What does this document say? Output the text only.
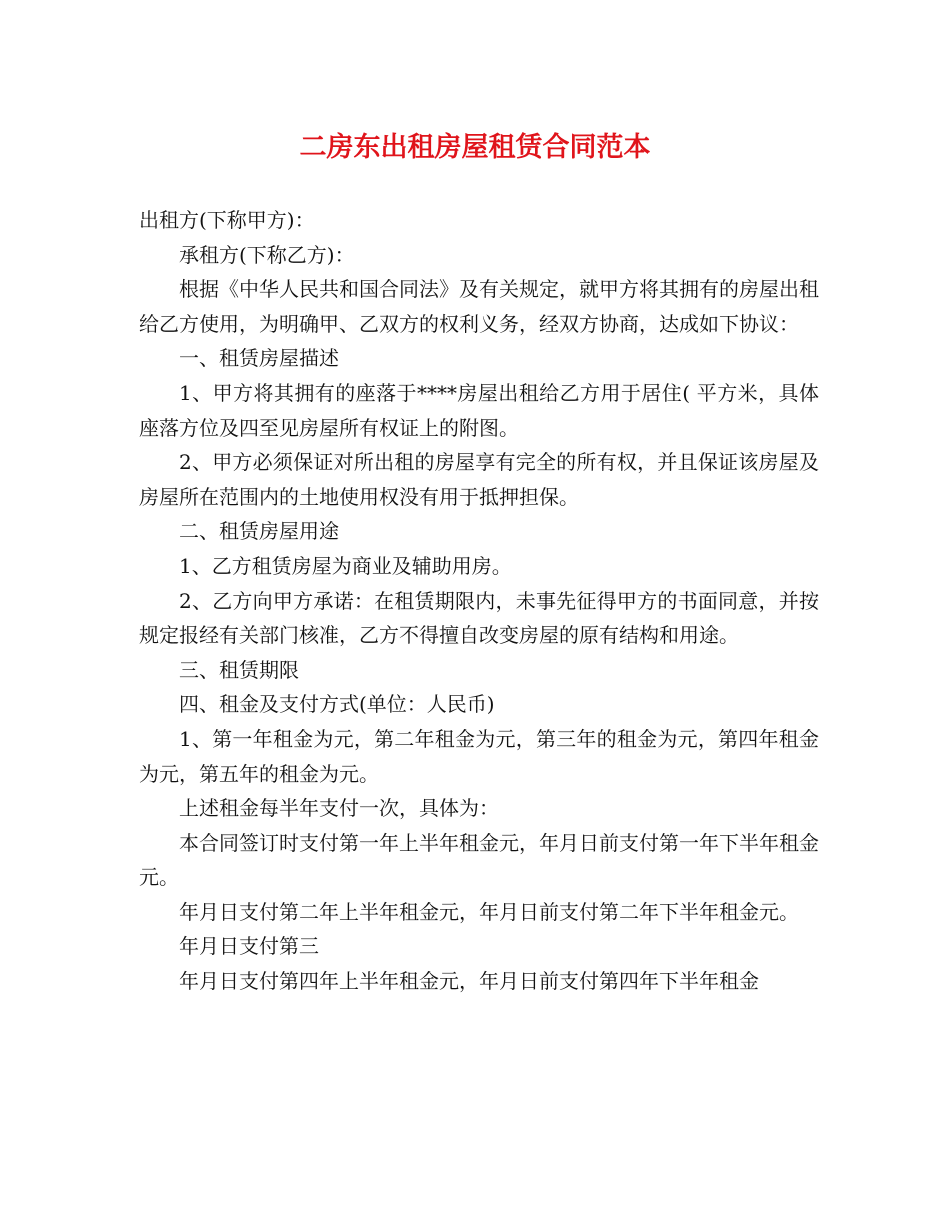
二房东出租房屋租赁合同范本

出租方(下称甲方)：

承租方(下称乙方)：

根据《中华人民共和国合同法》及有关规定，就甲方将其拥有的房屋出租给乙方使用，为明确甲、乙双方的权利义务，经双方协商，达成如下协议：

一、租赁房屋描述

1、甲方将其拥有的座落于****房屋出租给乙方用于居住( 平方米，具体座落方位及四至见房屋所有权证上的附图。

2、甲方必须保证对所出租的房屋享有完全的所有权，并且保证该房屋及房屋所在范围内的土地使用权没有用于抵押担保。

二、租赁房屋用途

1、乙方租赁房屋为商业及辅助用房。

2、乙方向甲方承诺：在租赁期限内，未事先征得甲方的书面同意，并按规定报经有关部门核准，乙方不得擅自改变房屋的原有结构和用途。

三、租赁期限

四、租金及支付方式(单位：人民币)

1、第一年租金为元，第二年租金为元，第三年的租金为元，第四年租金为元，第五年的租金为元。

上述租金每半年支付一次，具体为：

本合同签订时支付第一年上半年租金元，年月日前支付第一年下半年租金元。

年月日支付第二年上半年租金元，年月日前支付第二年下半年租金元。

年月日支付第三

年月日支付第四年上半年租金元，年月日前支付第四年下半年租金
